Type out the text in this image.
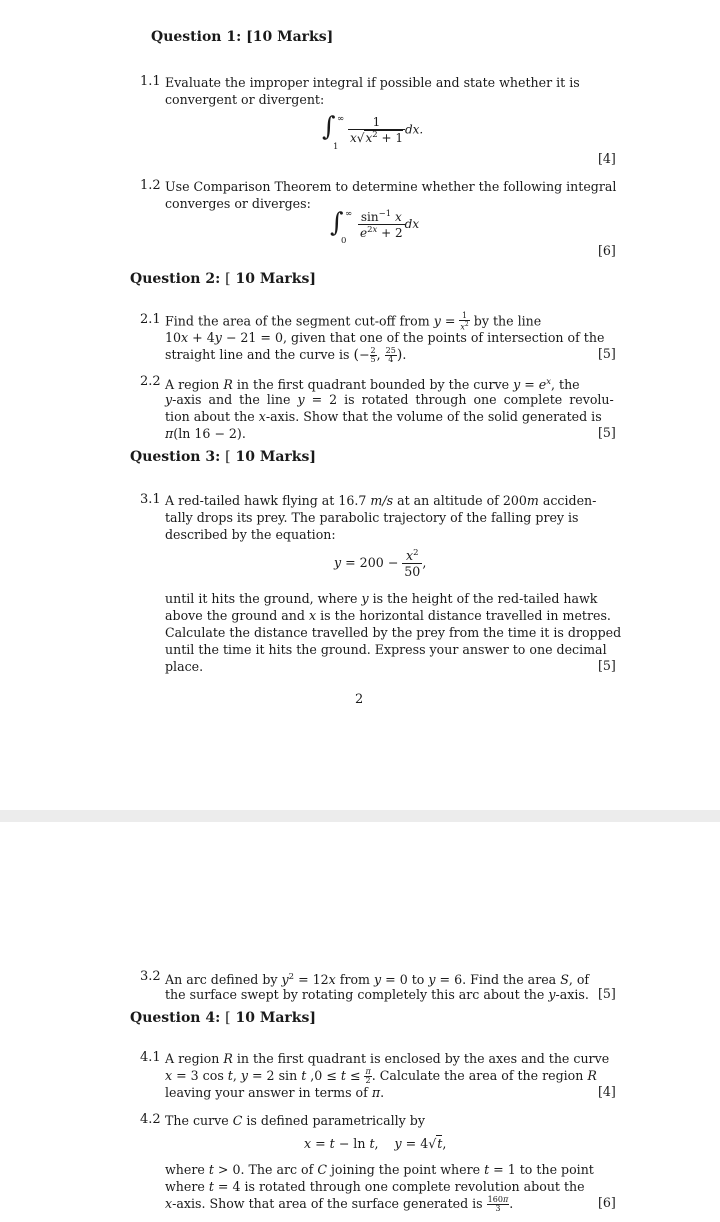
Question 1: [10 Marks]
1.1 Evaluate the improper integral if possible and state whether it is
convergent or divergent:
∫ ∞
1
$\frac{1}{x√x^2 + 1}$ dx.
[4]
1.2 Use Comparison Theorem to determine whether the following integral
converges or diverges:
∫ ∞
0
$\frac{\sin^{-1} x}{e^{2x} + 2}$ dx
[6]
Question 2: [ 10 Marks]
2.1 Find the area of the segment cut-off from $y = \frac{1}{x^2}$ by the line
10x + 4y − 21 = 0, given that one of the points of intersection of the
straight line and the curve is (− $\frac{2}{5}$ , $\frac{25}{4}$ ).	[5]
2.2 A region R in the first quadrant bounded by the curve $y = e^x$, the
y-axis and the line y = 2 is rotated through one complete revolu-
tion about the x-axis. Show that the volume of the solid generated is
π(ln 16 − 2).	[5]
Question 3: [ 10 Marks]
3.1 A red-tailed hawk flying at 16.7 m/s at an altitude of 200m acciden-
tally drops its prey. The parabolic trajectory of the falling prey is
described by the equation:
$y = 200 - \frac{x^2}{50}$ ,
until it hits the ground, where y is the height of the red-tailed hawk
above the ground and x is the horizontal distance travelled in metres.
Calculate the distance travelled by the prey from the time it is dropped
until the time it hits the ground. Express your answer to one decimal
place.	[5]
2
3.2 An arc defined by $y^2 = 12x$ from y = 0 to y = 6. Find the area S, of
the surface swept by rotating completely this arc about the y-axis. [5]
Question 4: [ 10 Marks]
4.1 A region R in the first quadrant is enclosed by the axes and the curve
x = 3 cos t, y = 2 sin t $,0 \le t \le \frac{\pi}{2}$ . Calculate the area of the region R
leaving your answer in terms of π.	[4]
4.2 The curve C is defined parametrically by
x = t − ln t,    y = 4√t,
where t > 0. The arc of C joining the point where t = 1 to the point
where t = 4 is rotated through one complete revolution about the
x-axis. Show that area of the surface generated is $\frac{160\pi}{3}$ .	[6]
